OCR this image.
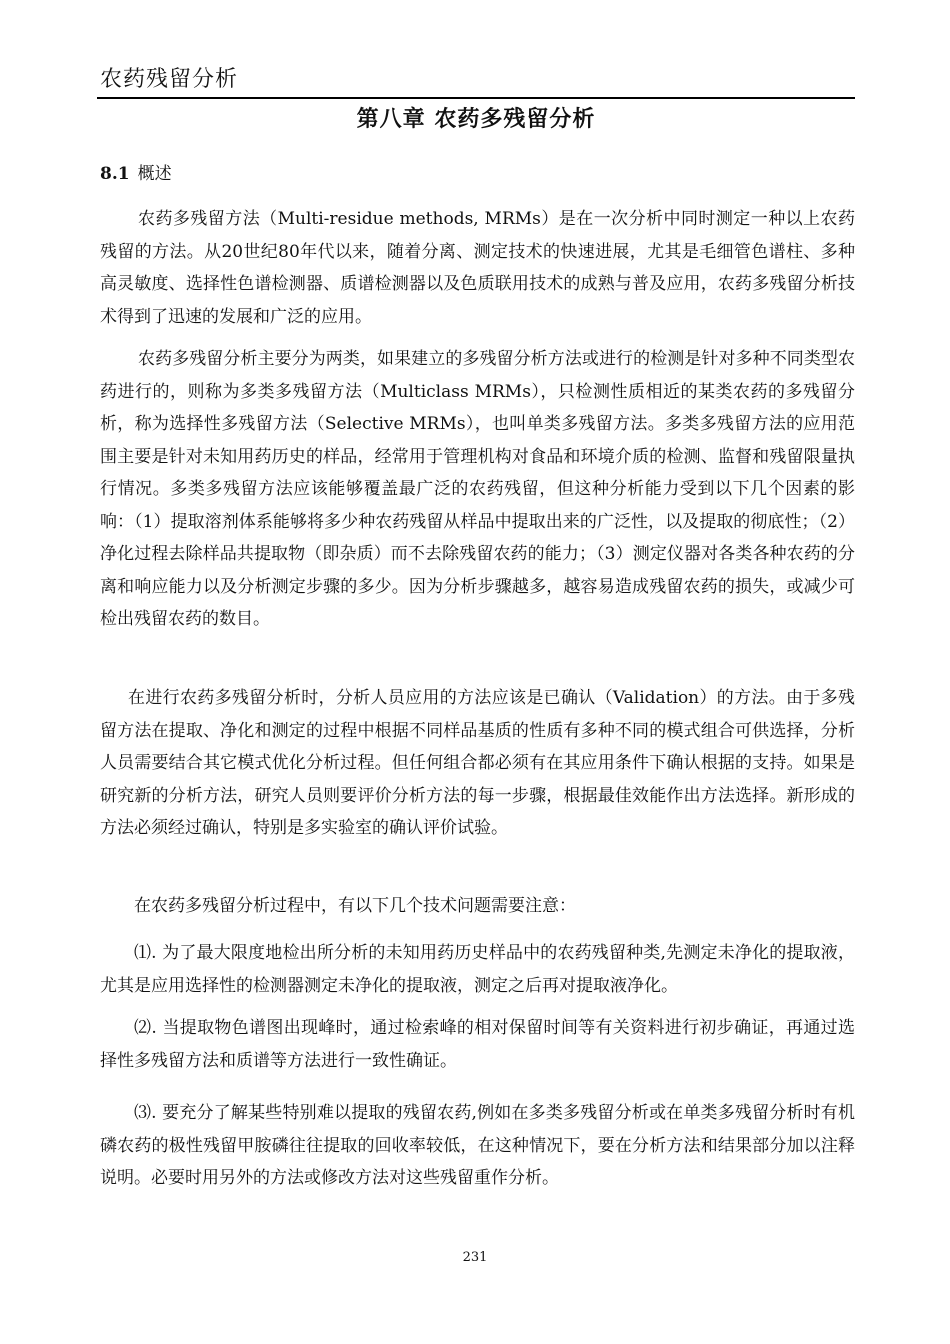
农药残留分析
第八章 农药多残留分析
8.1 概述

农药多残留方法（Multi-residue methods, MRMs）是在一次分析中同时测定一种以上农药残留的方法。从20世纪80年代以来，随着分离、测定技术的快速进展，尤其是毛细管色谱柱、多种高灵敏度、选择性色谱检测器、质谱检测器以及色质联用技术的成熟与普及应用，农药多残留分析技术得到了迅速的发展和广泛的应用。

农药多残留分析主要分为两类，如果建立的多残留分析方法或进行的检测是针对多种不同类型农药进行的，则称为多类多残留方法（Multiclass MRMs），只检测性质相近的某类农药的多残留分析，称为选择性多残留方法（Selective MRMs），也叫单类多残留方法。多类多残留方法的应用范围主要是针对未知用药历史的样品，经常用于管理机构对食品和环境介质的检测、监督和残留限量执行情况。多类多残留方法应该能够覆盖最广泛的农药残留，但这种分析能力受到以下几个因素的影响：（1）提取溶剂体系能够将多少种农药残留从样品中提取出来的广泛性，以及提取的彻底性；（2）净化过程去除样品共提取物（即杂质）而不去除残留农药的能力；（3）测定仪器对各类各种农药的分离和响应能力以及分析测定步骤的多少。因为分析步骤越多，越容易造成残留农药的损失，或减少可检出残留农药的数目。

在进行农药多残留分析时，分析人员应用的方法应该是已确认（Validation）的方法。由于多残留方法在提取、净化和测定的过程中根据不同样品基质的性质有多种不同的模式组合可供选择，分析人员需要结合其它模式优化分析过程。但任何组合都必须有在其应用条件下确认根据的支持。如果是研究新的分析方法，研究人员则要评价分析方法的每一步骤，根据最佳效能作出方法选择。新形成的方法必须经过确认，特别是多实验室的确认评价试验。

在农药多残留分析过程中，有以下几个技术问题需要注意：

⑴. 为了最大限度地检出所分析的未知用药历史样品中的农药残留种类,先测定未净化的提取液，尤其是应用选择性的检测器测定未净化的提取液，测定之后再对提取液净化。

⑵. 当提取物色谱图出现峰时，通过检索峰的相对保留时间等有关资料进行初步确证，再通过选择性多残留方法和质谱等方法进行一致性确证。

⑶. 要充分了解某些特别难以提取的残留农药,例如在多类多残留分析或在单类多残留分析时有机磷农药的极性残留甲胺磷往往提取的回收率较低，在这种情况下，要在分析方法和结果部分加以注释说明。必要时用另外的方法或修改方法对这些残留重作分析。

231
